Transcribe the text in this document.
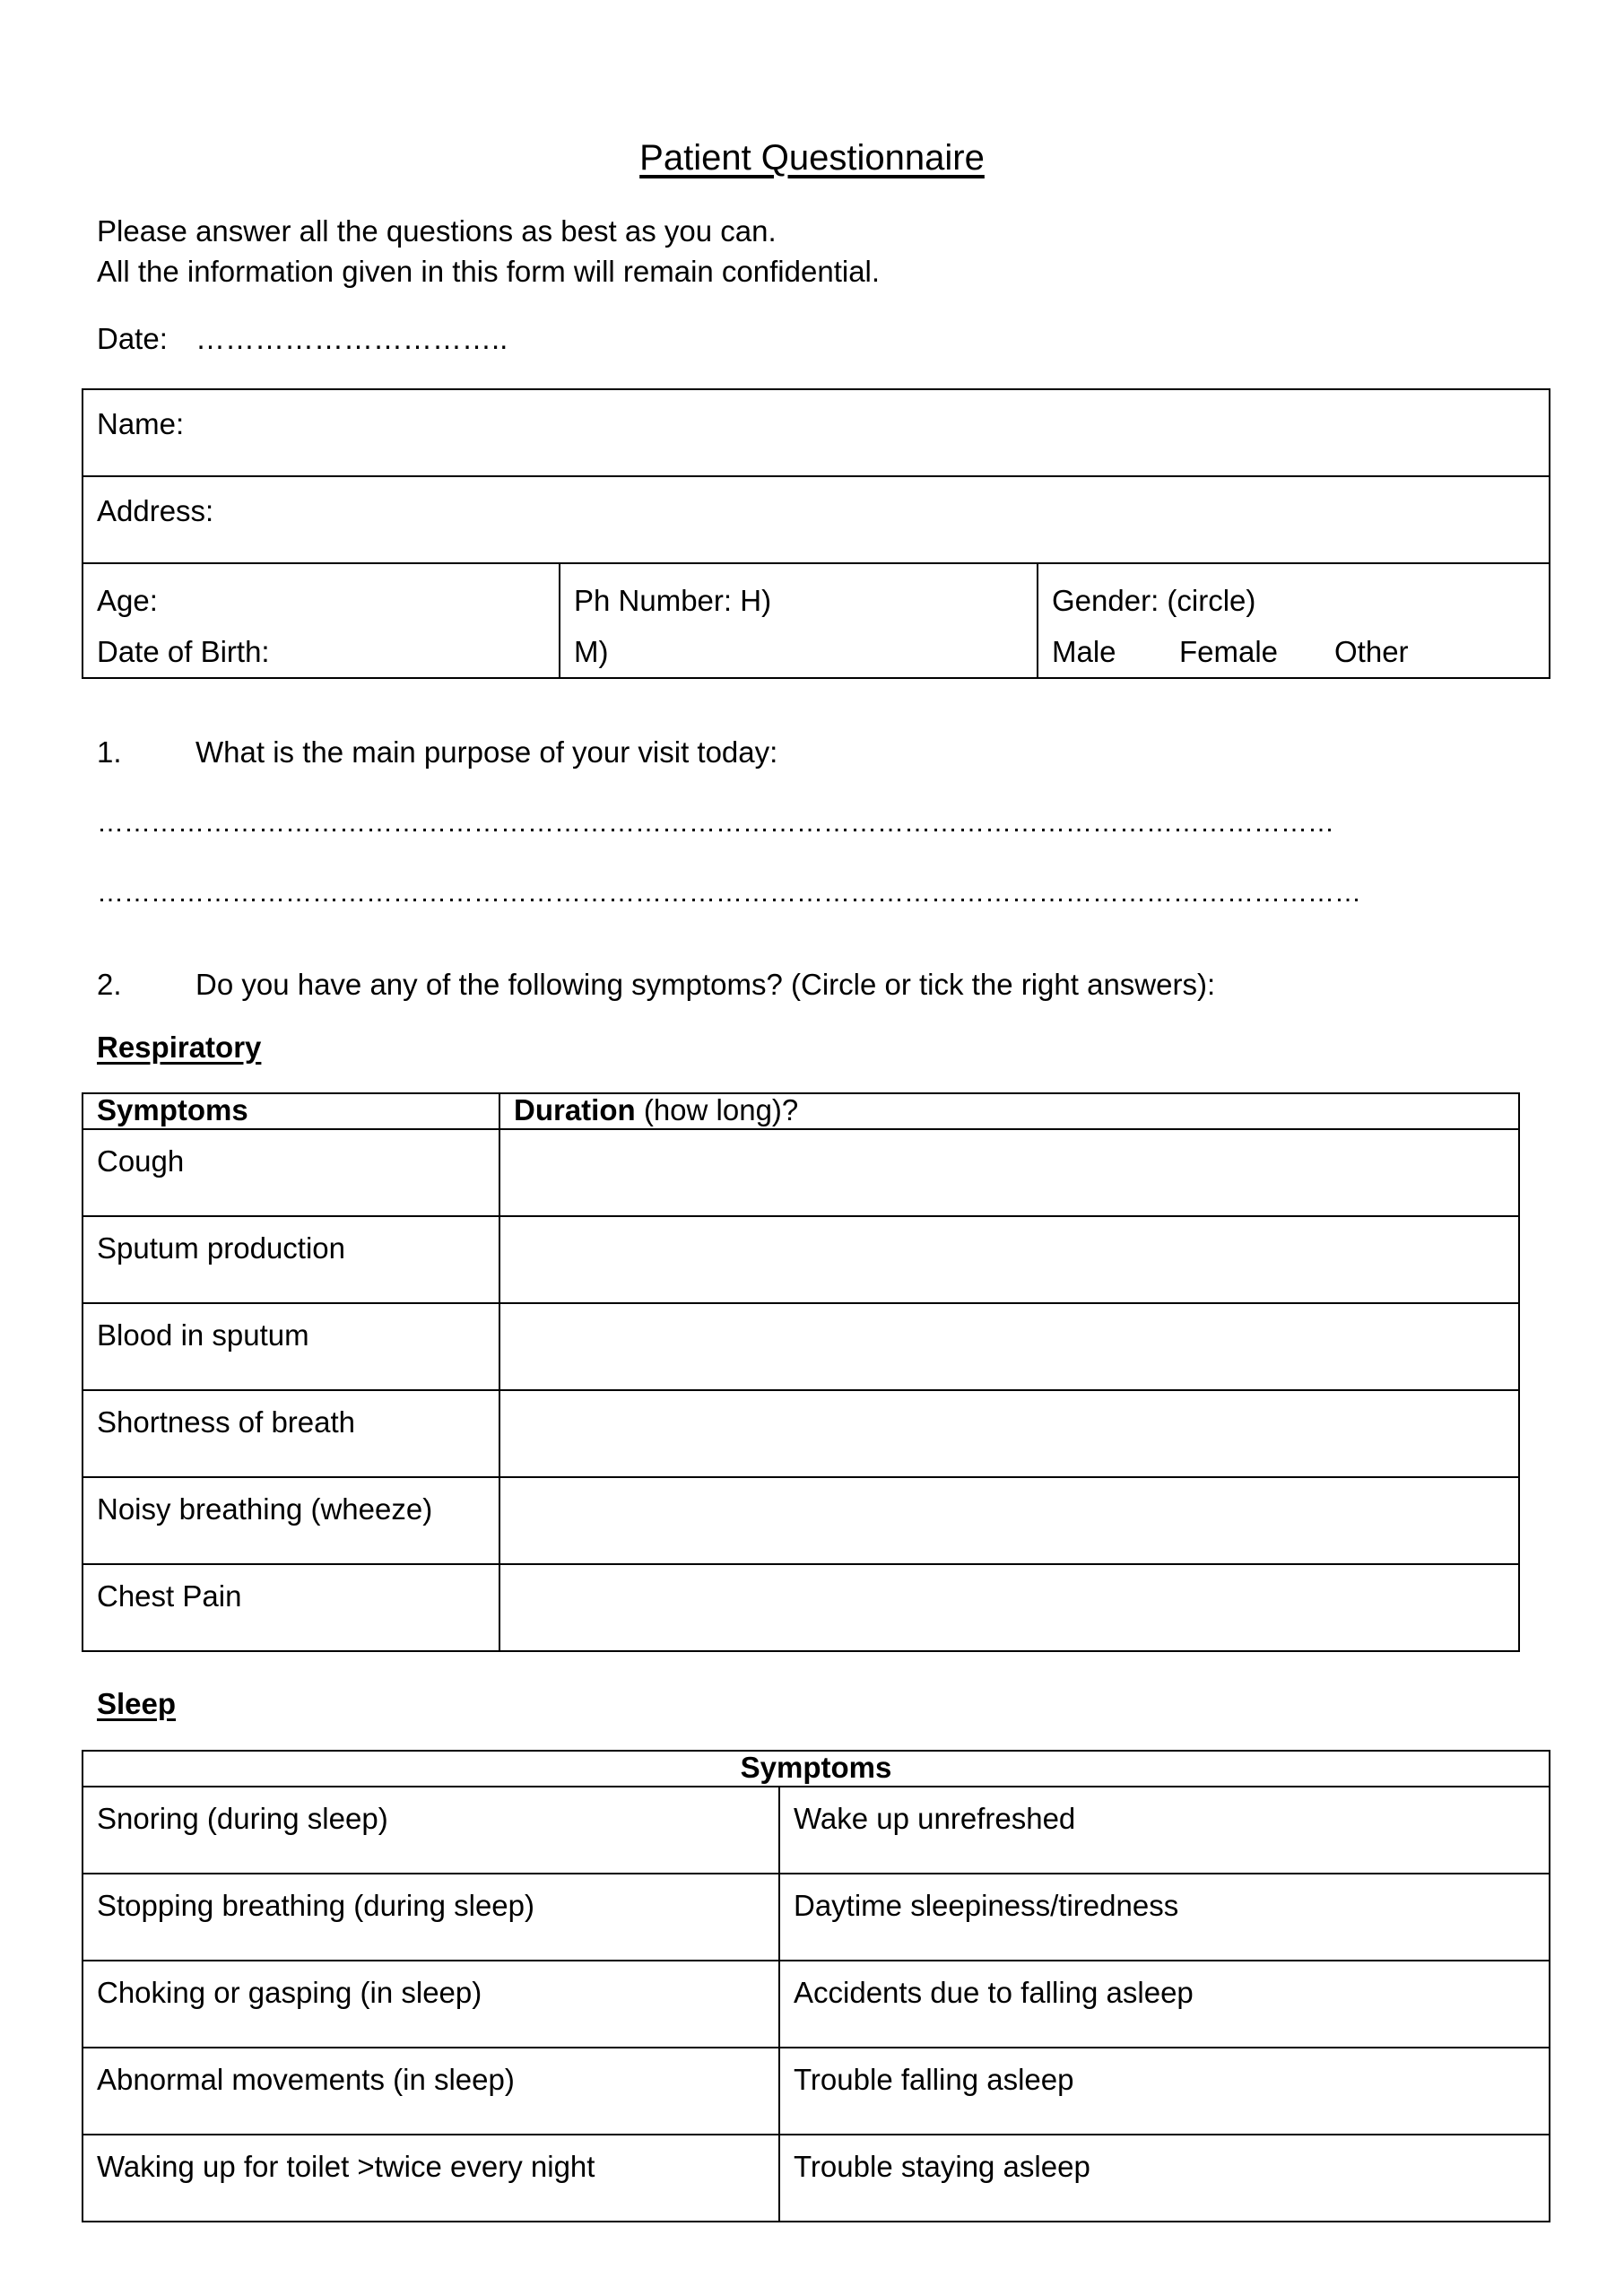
Patient Questionnaire
Please answer all the questions as best as you can.
All the information given in this form will remain confidential.
Date: …………………………..
Name:
Address:

Age:
Date of Birth:

Ph Number: H)
M)

Gender: (circle)
Male Female Other
1. What is the main purpose of your visit today:
…………………………………………………………………………………………………………………………
……………………………………………………………………………………………………………………………
2. Do you have any of the following symptoms? (Circle or tick the right answers):
Respiratory
Symptoms	Duration (how long)?
Cough	
Sputum production	
Blood in sputum	
Shortness of breath	
Noisy breathing (wheeze)	
Chest Pain	
Sleep
Symptoms	
Snoring (during sleep)	Wake up unrefreshed
Stopping breathing (during sleep)	Daytime sleepiness/tiredness
Choking or gasping (in sleep)	Accidents due to falling asleep
Abnormal movements (in sleep)	Trouble falling asleep
Waking up for toilet >twice every night	Trouble staying asleep
